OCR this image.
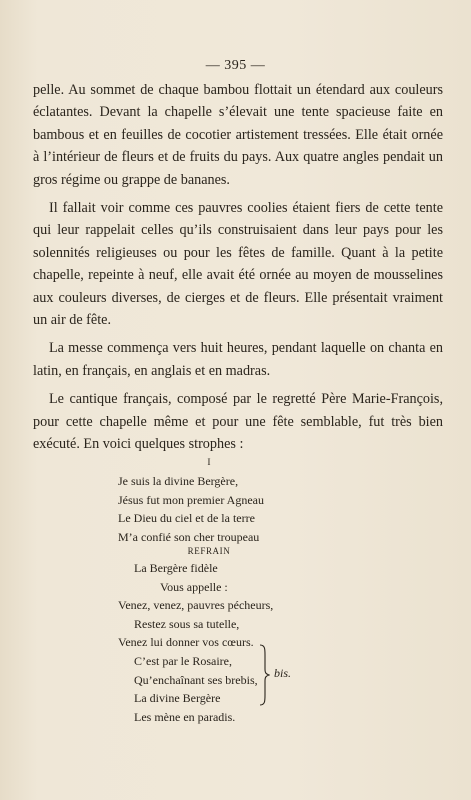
— 395 —

pelle. Au sommet de chaque bambou flottait un étendard aux couleurs éclatantes. Devant la chapelle s’élevait une tente spacieuse faite en bambous et en feuilles de cocotier artistement tressées. Elle était ornée à l’intérieur de fleurs et de fruits du pays. Aux quatre angles pendait un gros régime ou grappe de bananes.

Il fallait voir comme ces pauvres coolies étaient fiers de cette tente qui leur rappelait celles qu’ils construisaient dans leur pays pour les solennités religieuses ou pour les fêtes de famille. Quant à la petite chapelle, repeinte à neuf, elle avait été ornée au moyen de mousselines aux couleurs diverses, de cierges et de fleurs. Elle présentait vraiment un air de fête.

La messe commença vers huit heures, pendant laquelle on chanta en latin, en français, en anglais et en madras.

Le cantique français, composé par le regretté Père Marie-François, pour cette chapelle même et pour une fête semblable, fut très bien exécuté. En voici quelques strophes :

I
Je suis la divine Bergère,
Jésus fut mon premier Agneau
Le Dieu du ciel et de la terre
M’a confié son cher troupeau
REFRAIN
La Bergère fidèle
Vous appelle :
Venez, venez, pauvres pécheurs,
Restez sous sa tutelle,
Venez lui donner vos cœurs.
C’est par le Rosaire,
Qu’enchaînant ses brebis,
La divine Bergère
Les mène en paradis.
bis.
